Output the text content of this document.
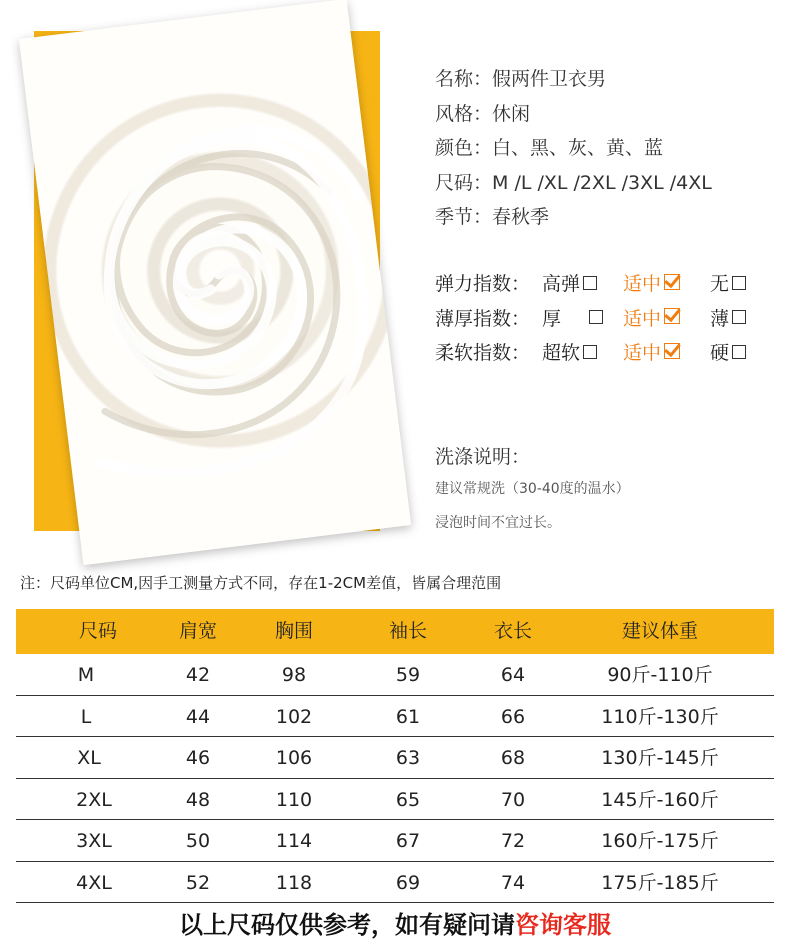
名称：假两件卫衣男
风格：休闲
颜色：白、黑、灰、黄、蓝
尺码：M /L /XL /2XL /3XL /4XL
季节：春秋季
弹力指数： 高弹	适中	无
薄厚指数： 厚	适中	薄
柔软指数： 超软	适中	硬
洗涤说明：
建议常规洗（30-40度的温水）
浸泡时间不宜过长。
注：尺码单位CM,因手工测量方式不同，存在1-2CM差值，皆属合理范围
尺码	肩宽	胸围	袖长	衣长	建议体重
M	42	98	59	64	90斤-110斤
L	44	102	61	66	110斤-130斤
XL	46	106	63	68	130斤-145斤
2XL	48	110	65	70	145斤-160斤
3XL	50	114	67	72	160斤-175斤
4XL	52	118	69	74	175斤-185斤
以上尺码仅供参考，如有疑问请咨询客服
